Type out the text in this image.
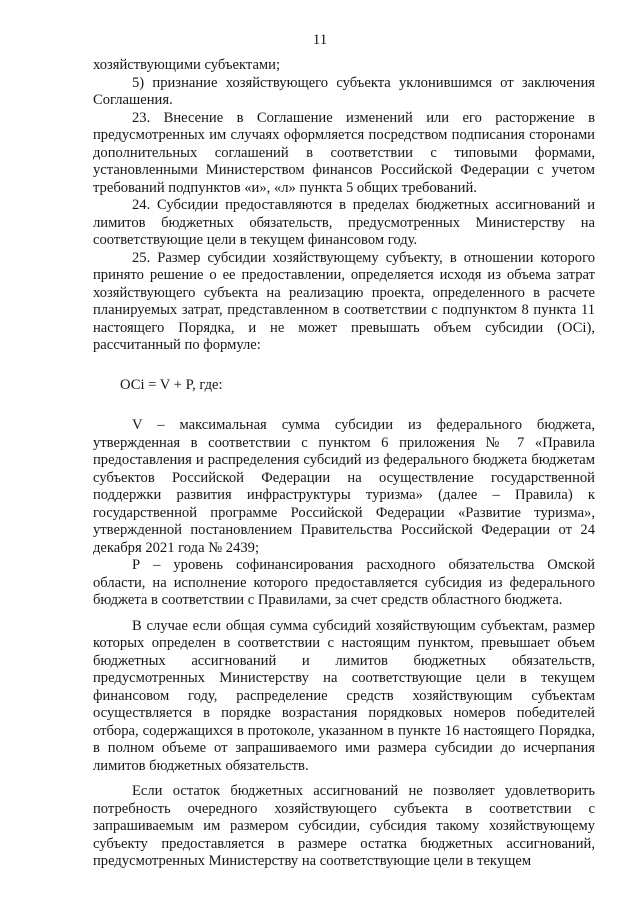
11

хозяйствующими субъектами;

5) признание хозяйствующего субъекта уклонившимся от заключения Соглашения.

23. Внесение в Соглашение изменений или его расторжение в предусмотренных им случаях оформляется посредством подписания сторонами дополнительных соглашений в соответствии с типовыми формами, установленными Министерством финансов Российской Федерации с учетом требований подпунктов «и», «л» пункта 5 общих требований.

24. Субсидии предоставляются в пределах бюджетных ассигнований и лимитов бюджетных обязательств, предусмотренных Министерству на соответствующие цели в текущем финансовом году.

25. Размер субсидии хозяйствующему субъекту, в отношении которого принято решение о ее предоставлении, определяется исходя из объема затрат хозяйствующего субъекта на реализацию проекта, определенного в расчете планируемых затрат, представленном в соответствии с подпунктом 8 пункта 11 настоящего Порядка, и не может превышать объем субсидии (ОСi), рассчитанный по формуле:

ОСi = V + P, где:

V – максимальная сумма субсидии из федерального бюджета, утвержденная в соответствии с пунктом 6 приложения № 7 «Правила предоставления и распределения субсидий из федерального бюджета бюджетам субъектов Российской Федерации на осуществление государственной поддержки развития инфраструктуры туризма» (далее – Правила) к государственной программе Российской Федерации «Развитие туризма», утвержденной постановлением Правительства Российской Федерации от 24 декабря 2021 года № 2439;

Р – уровень софинансирования расходного обязательства Омской области, на исполнение которого предоставляется субсидия из федерального бюджета в соответствии с Правилами, за счет средств областного бюджета.

В случае если общая сумма субсидий хозяйствующим субъектам, размер которых определен в соответствии с настоящим пунктом, превышает объем бюджетных ассигнований и лимитов бюджетных обязательств, предусмотренных Министерству на соответствующие цели в текущем финансовом году, распределение средств хозяйствующим субъектам осуществляется в порядке возрастания порядковых номеров победителей отбора, содержащихся в протоколе, указанном в пункте 16 настоящего Порядка, в полном объеме от запрашиваемого ими размера субсидии до исчерпания лимитов бюджетных обязательств.

Если остаток бюджетных ассигнований не позволяет удовлетворить потребность очередного хозяйствующего субъекта в соответствии с запрашиваемым им размером субсидии, субсидия такому хозяйствующему субъекту предоставляется в размере остатка бюджетных ассигнований, предусмотренных Министерству на соответствующие цели в текущем
